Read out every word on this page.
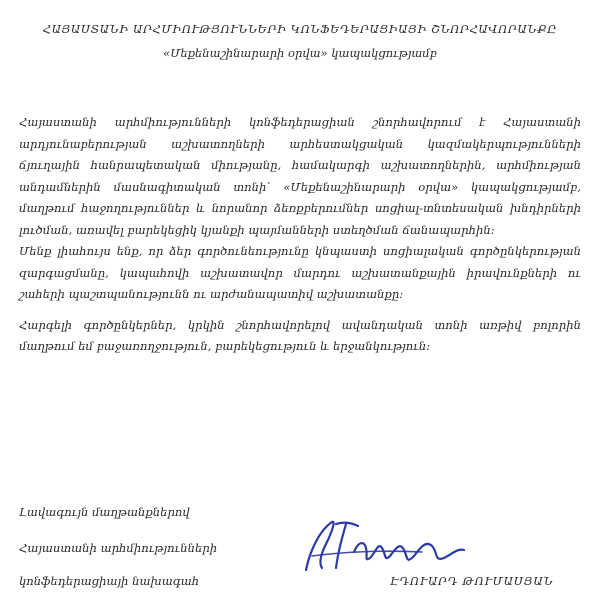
ՀԱՅԱՍՏԱՆԻ ԱՐՀՄԻՈՒԹՅՈՒՆՆԵՐԻ ԿՈՆՖԵԴԵՐԱՑԻԱՅԻ ՇՆՈՐՀԱՎՈՐԱՆՔԸ
«Մեքենաշինարարի օրվա» կապակցությամբ

Հայաստանի արհմիությունների կոնֆեդերացիան շնորհավորում է Հայաստանի արդյունաբերության աշխատողների արհեստակցական կազմակերպությունների ճյուղային հանրապետական միությանը, համակարգի աշխատողներին, արհմիության անդամներին մասնագիտական տոնի՝ «Մեքենաշինարարի օրվա» կապակցությամբ, մաղթում հաջողություններ և նորանոր ձեռքբերումներ սոցիալ-տնտեսական խնդիրների լուծման, առավել բարեկեցիկ կյանքի պայմանների ստեղծման ճանապարհին:

Մենք լիահույս ենք, որ ձեր գործունեությունը կնպաստի սոցիալական գործընկերության զարգացմանը, կապահովի աշխատավոր մարդու աշխատանքային իրավունքների ու շահերի պաշտպանությունն ու արժանապատիվ աշխատանքը:

Հարգելի գործընկերներ, կրկին շնորհավորելով ավանդական տոնի առթիվ բոլորին մաղթում եմ բաջառողջություն, բարեկեցություն և երջանկություն:

Լավագույն մաղթանքներով
Հայաստանի արհմիությունների
կոնֆեդերացիայի նախագահ	ԷԴՈՒԱՐԴ ԹՈՒՄԱՍՅԱՆ
